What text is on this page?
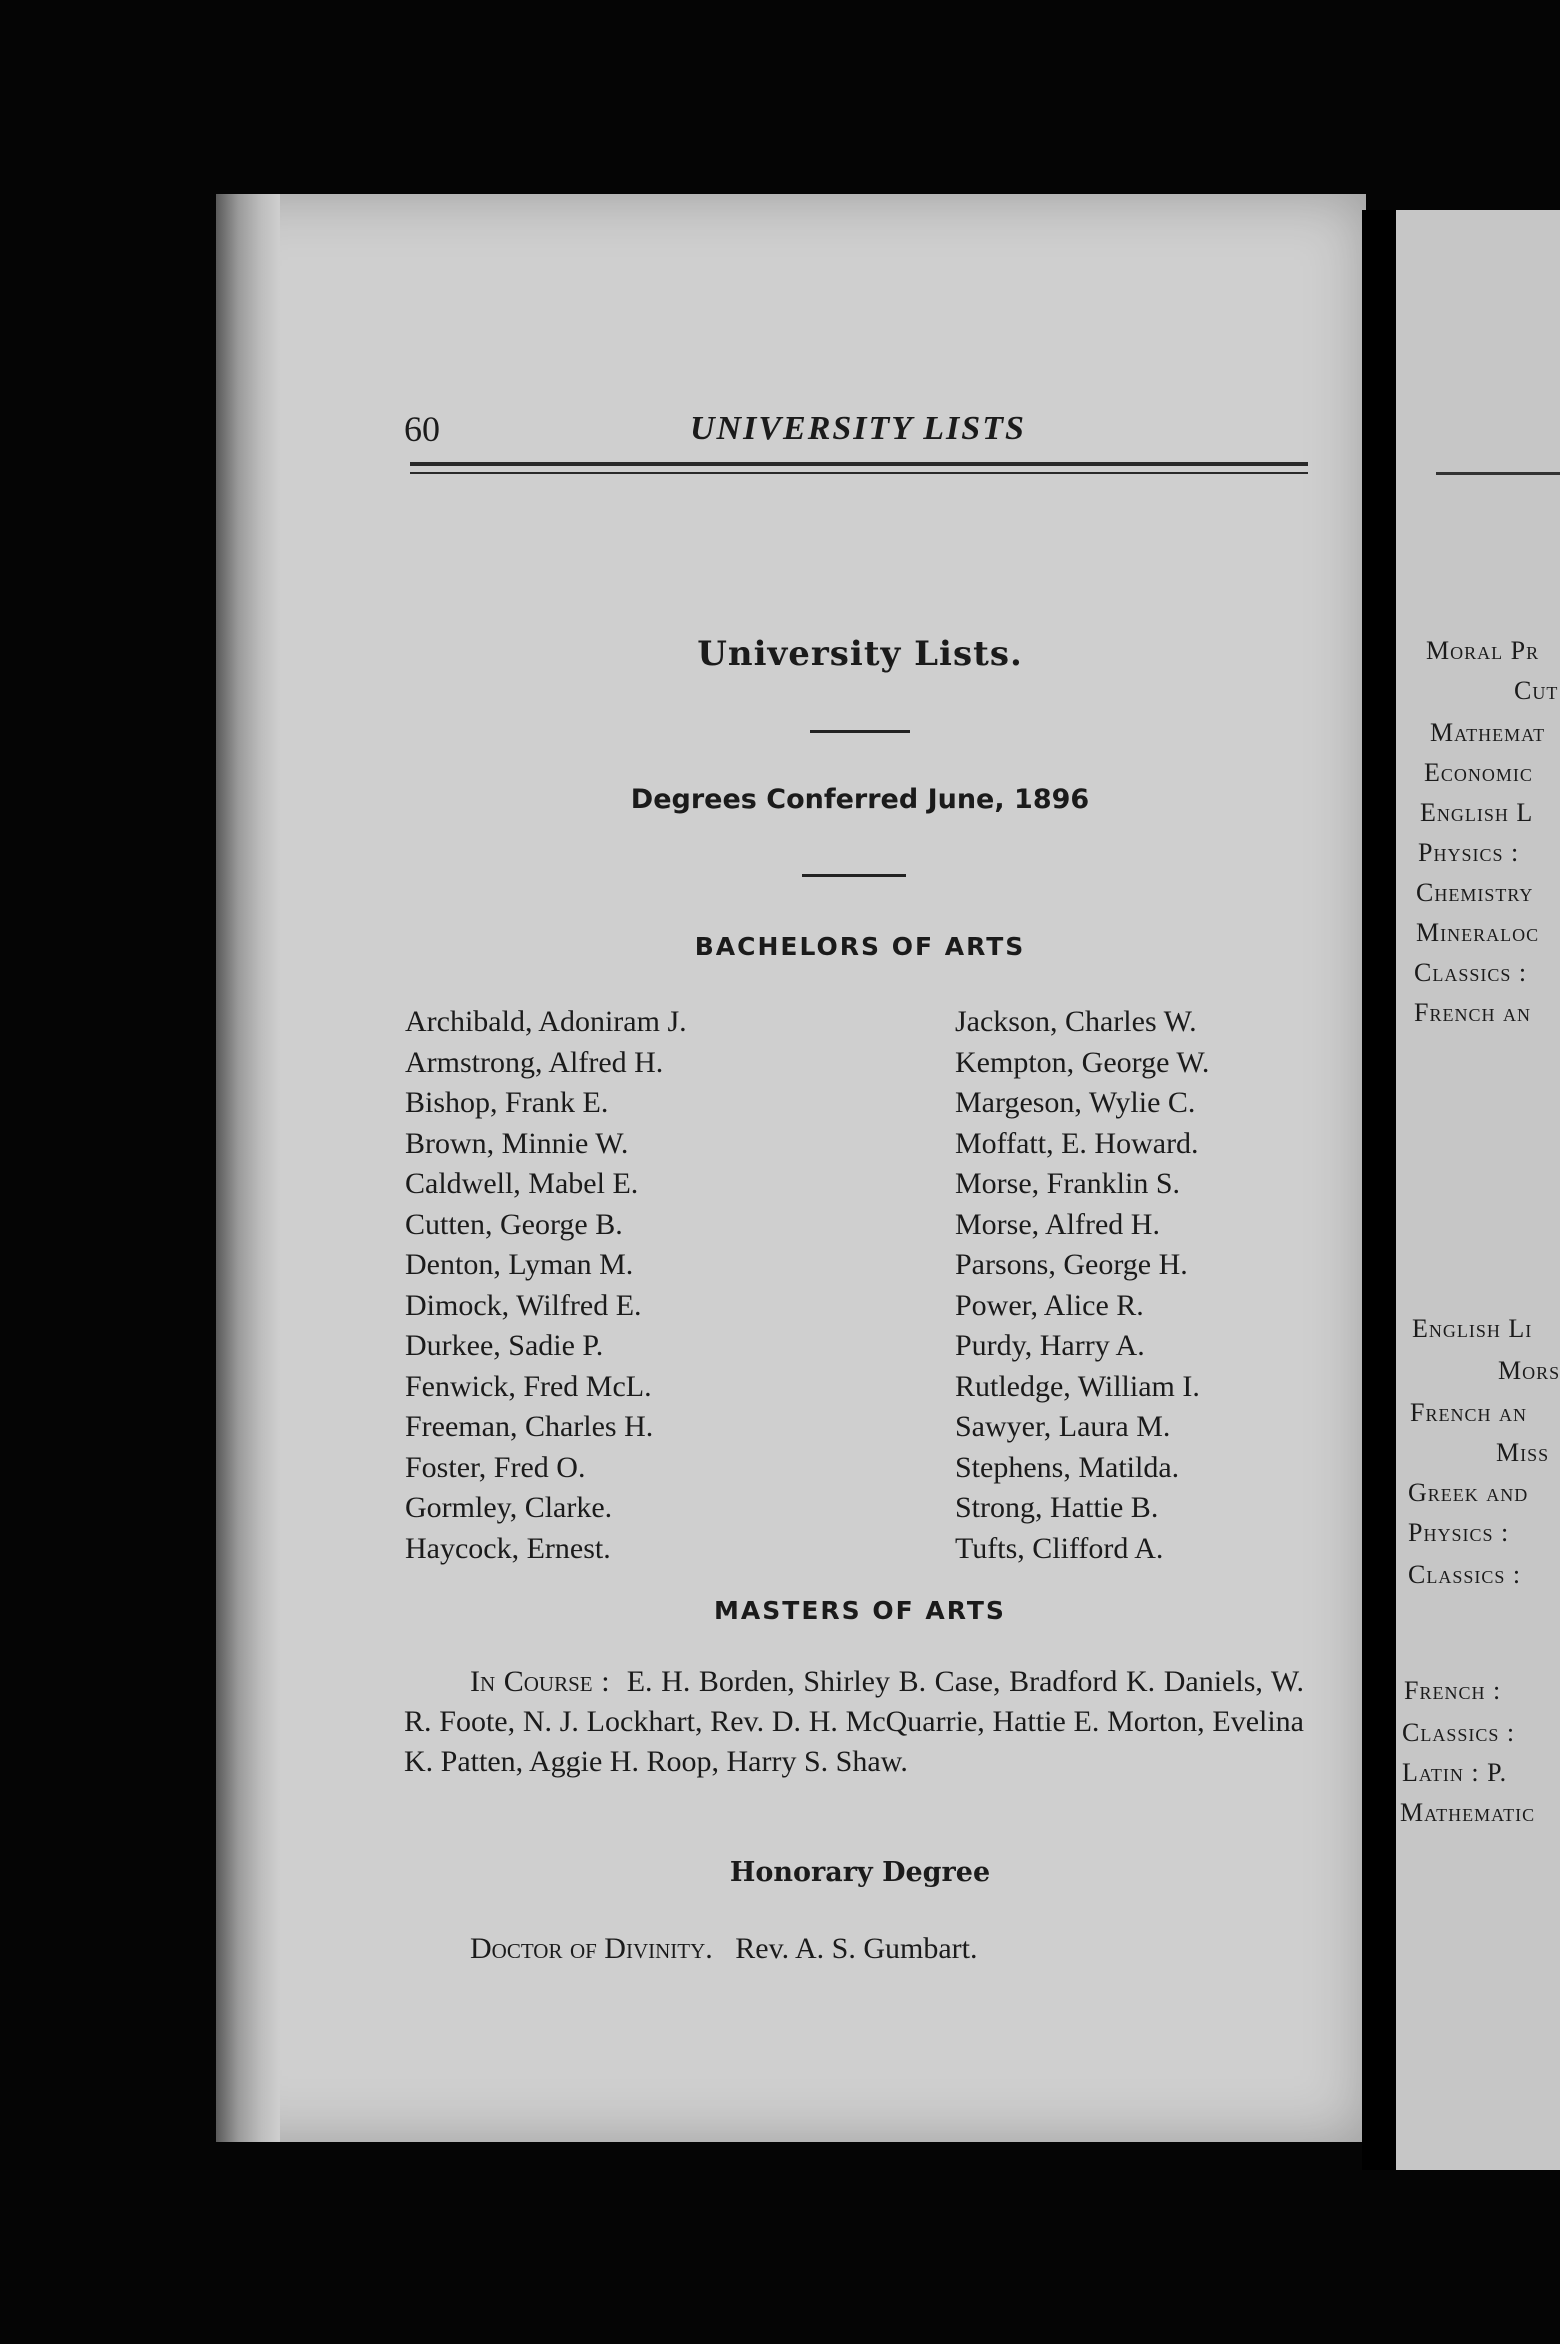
Moral Pr
Cut
Mathemat
Economic
English L
Physics :
Chemistry
Mineraloc
Classics :
French an
English Li
Mors
French an
Miss
Greek and
Physics :
Classics :
French :
Classics :
Latin : P.
Mathematic
60	UNIVERSITY LISTS
University Lists.
Degrees Conferred June, 1896
BACHELORS OF ARTS
Archibald, Adoniram J.
Armstrong, Alfred H.
Bishop, Frank E.
Brown, Minnie W.
Caldwell, Mabel E.
Cutten, George B.
Denton, Lyman M.
Dimock, Wilfred E.
Durkee, Sadie P.
Fenwick, Fred McL.
Freeman, Charles H.
Foster, Fred O.
Gormley, Clarke.
Haycock, Ernest.
Jackson, Charles W.
Kempton, George W.
Margeson, Wylie C.
Moffatt, E. Howard.
Morse, Franklin S.
Morse, Alfred H.
Parsons, George H.
Power, Alice R.
Purdy, Harry A.
Rutledge, William I.
Sawyer, Laura M.
Stephens, Matilda.
Strong, Hattie B.
Tufts, Clifford A.
MASTERS OF ARTS
In Course : E. H. Borden, Shirley B. Case, Bradford K. Daniels, W. R. Foote, N. J. Lockhart, Rev. D. H. McQuarrie, Hattie E. Morton, Evelina K. Patten, Aggie H. Roop, Harry S. Shaw.
Honorary Degree
Doctor of Divinity. Rev. A. S. Gumbart.
